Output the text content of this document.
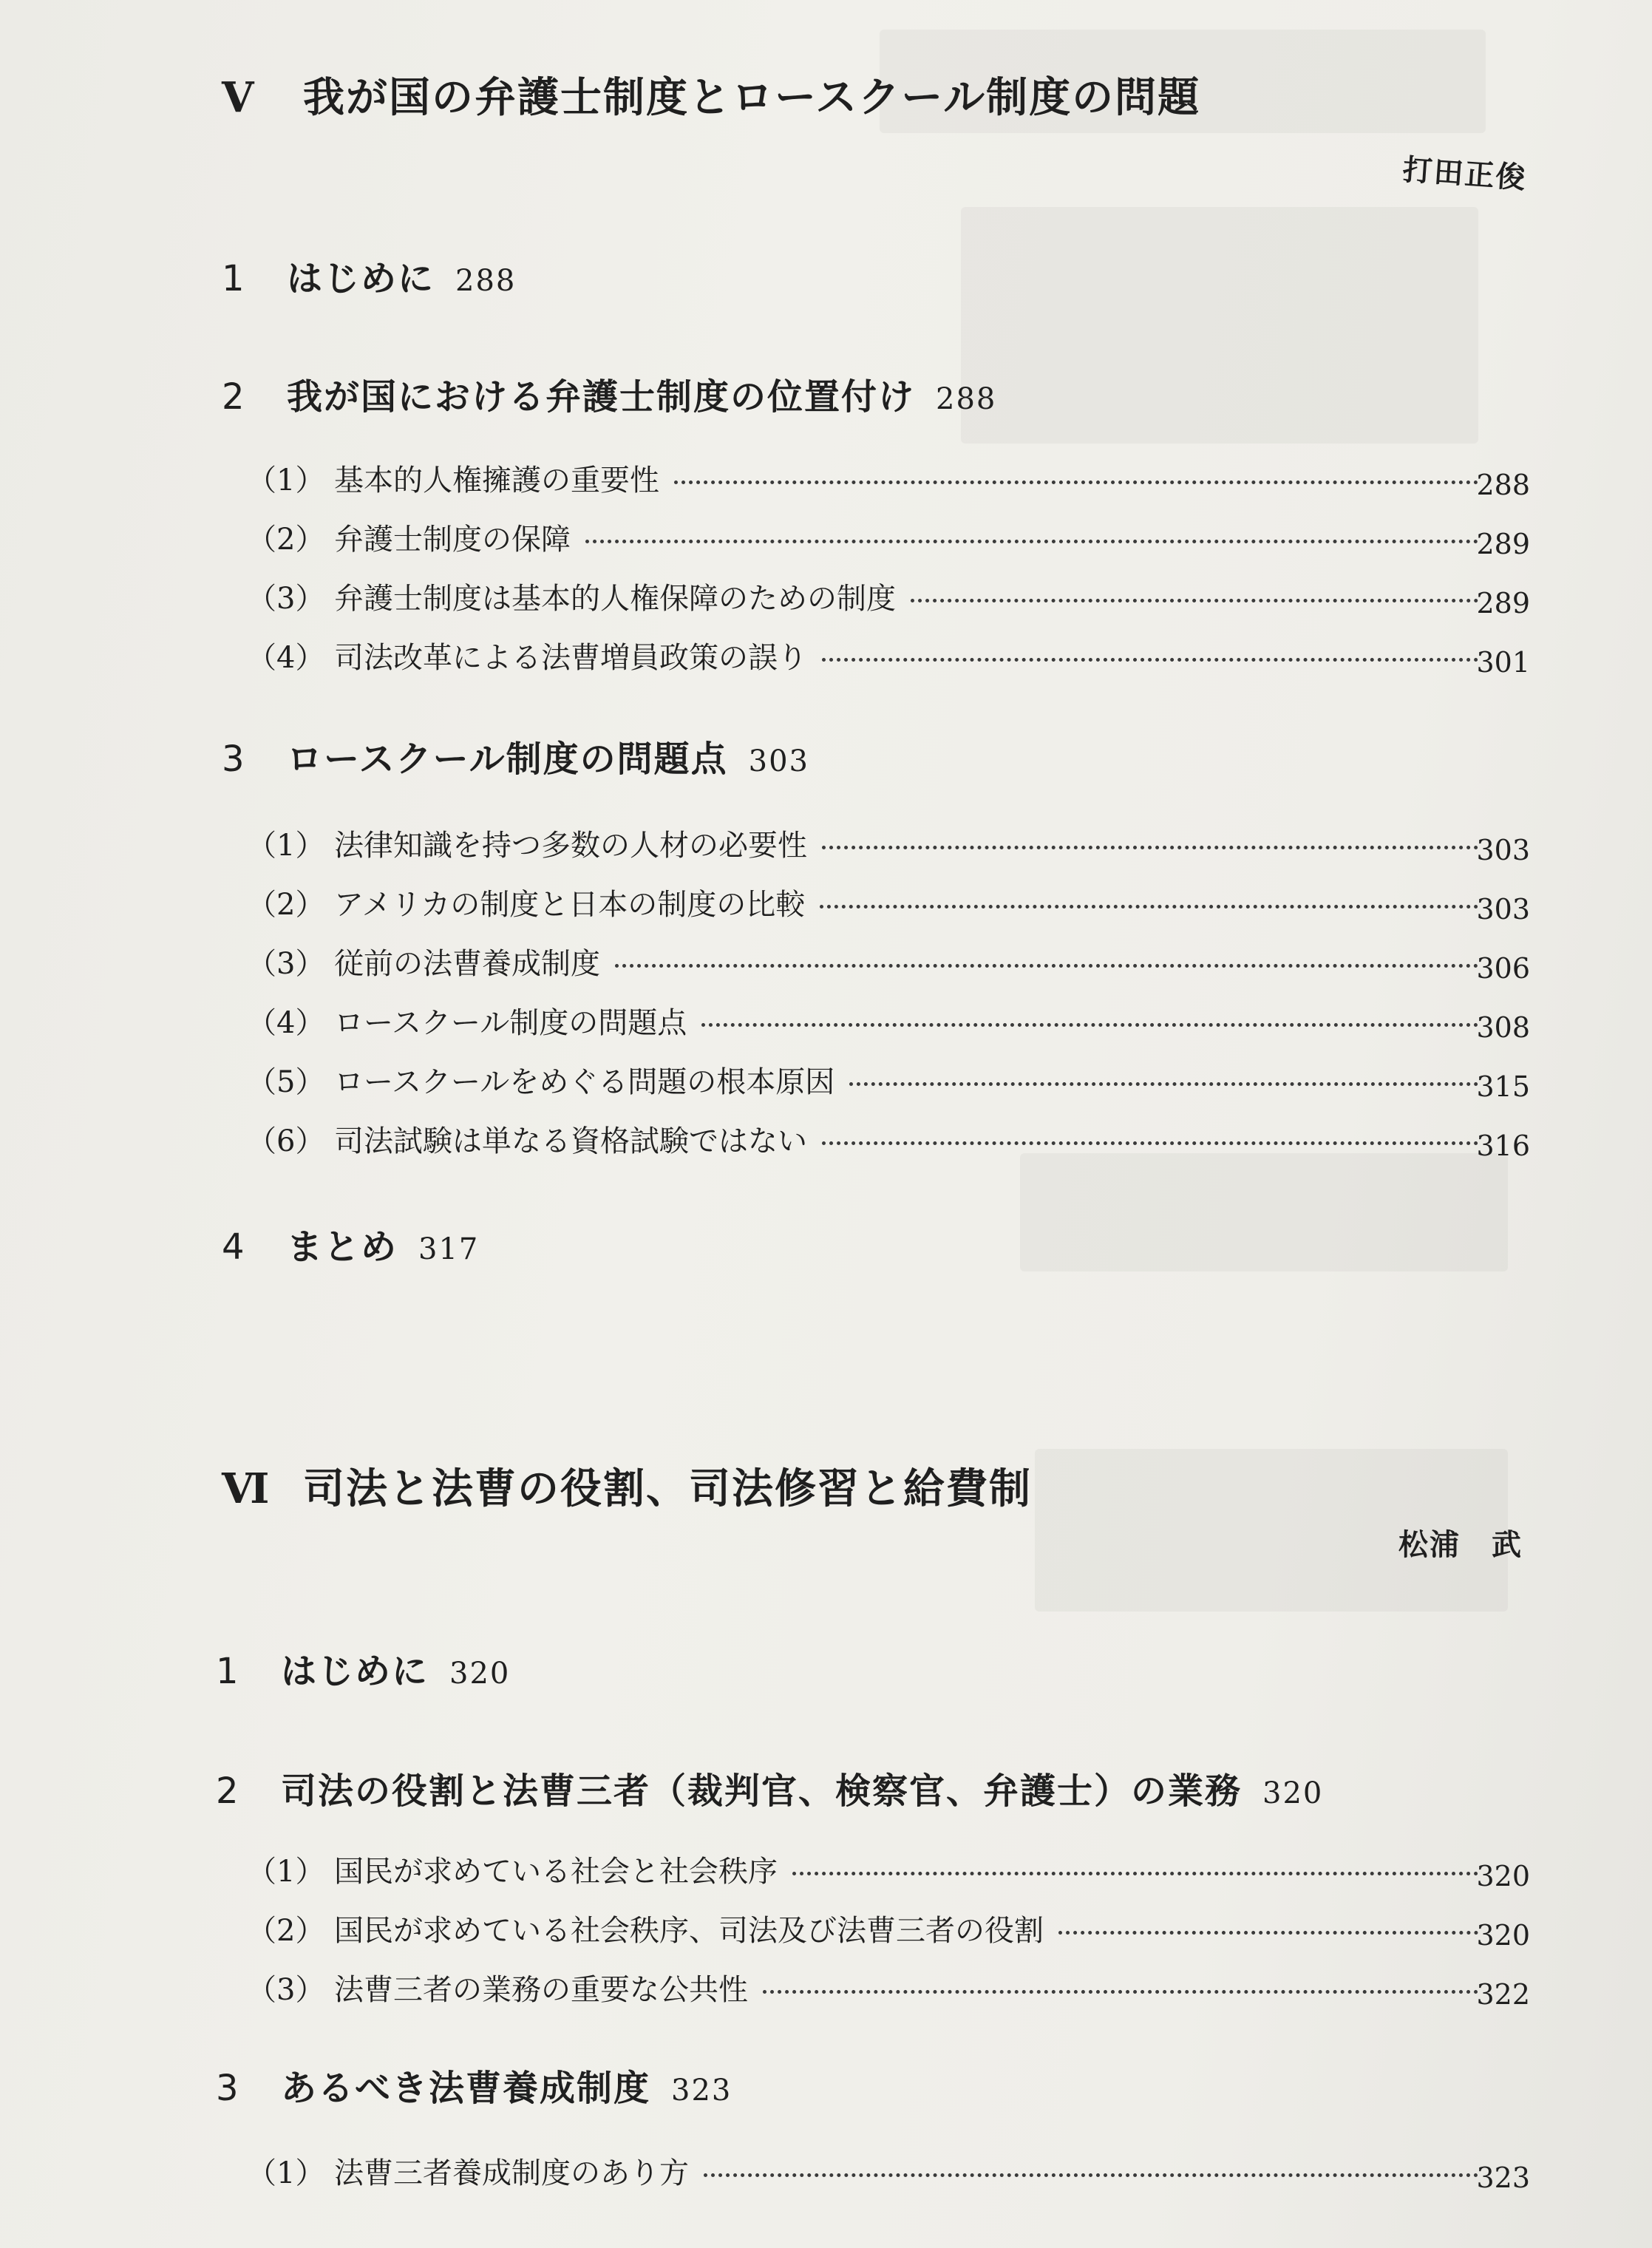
V 我が国の弁護士制度とロースクール制度の問題
打田正俊
1 はじめに 288
2 我が国における弁護士制度の位置付け 288
（1） 基本的人権擁護の重要性	288
（2） 弁護士制度の保障	289
（3） 弁護士制度は基本的人権保障のための制度	289
（4） 司法改革による法曹増員政策の誤り	301
3 ロースクール制度の問題点 303
（1） 法律知識を持つ多数の人材の必要性	303
（2） アメリカの制度と日本の制度の比較	303
（3） 従前の法曹養成制度	306
（4） ロースクール制度の問題点	308
（5） ロースクールをめぐる問題の根本原因	315
（6） 司法試験は単なる資格試験ではない	316
4 まとめ 317
Ⅵ 司法と法曹の役割、司法修習と給費制
松浦　武
1 はじめに 320
2 司法の役割と法曹三者（裁判官、検察官、弁護士）の業務 320
（1） 国民が求めている社会と社会秩序	320
（2） 国民が求めている社会秩序、司法及び法曹三者の役割	320
（3） 法曹三者の業務の重要な公共性	322
3 あるべき法曹養成制度 323
（1） 法曹三者養成制度のあり方	323
